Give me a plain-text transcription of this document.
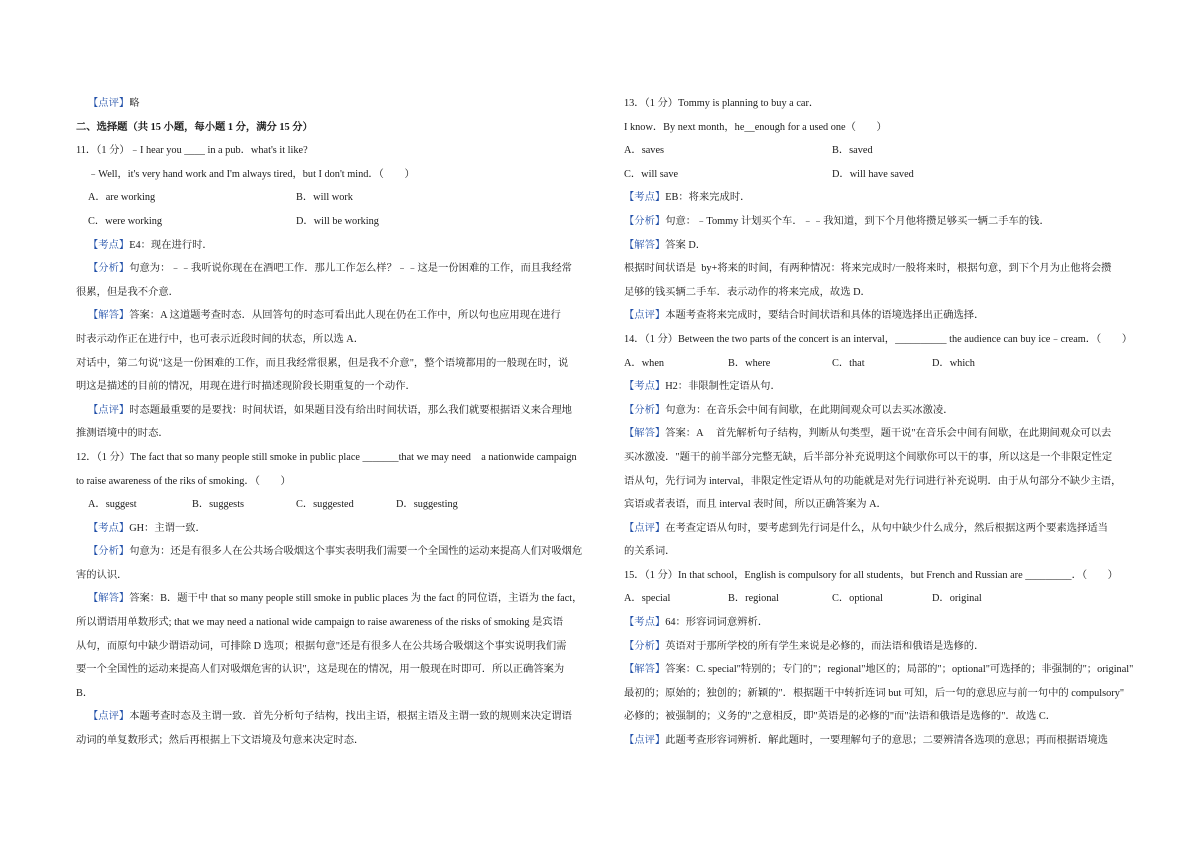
【点评】略
二、选择题（共 15 小题，每小题 1 分，满分 15 分）
11．（1 分）﹣I hear you ____ in a pub．what's it like?
﹣Well，it's very hand work and I'm always tired，but I don't mind．（　　）
A．are working	B．will work
C．were working	D．will be working
【考点】E4：现在进行时．
【分析】句意为：﹣﹣我听说你现在在酒吧工作．那儿工作怎么样？﹣﹣这是一份困难的工作，而且我经常
很累，但是我不介意．
【解答】答案：A 这道题考查时态．从回答句的时态可看出此人现在仍在工作中，所以句也应用现在进行
时表示动作正在进行中，也可表示近段时间的状态，所以选 A．
对话中，第二句说"这是一份困难的工作，而且我经常很累，但是我不介意"，整个语境都用的一般现在时，说
明这是描述的目前的情况，用现在进行时描述现阶段长期重复的一个动作．
【点评】时态题最重要的是要找：时间状语，如果题目没有给出时间状语，那么我们就要根据语义来合理地
推测语境中的时态．
12．（1 分）The fact that so many people still smoke in public place _______that we may need　a nationwide campaign
to raise awareness of the riks of smoking．（　　）
A．suggest	B．suggests	C．suggested	D．suggesting
【考点】GH：主谓一致．
【分析】句意为：还是有很多人在公共场合吸烟这个事实表明我们需要一个全国性的运动来提高人们对吸烟危
害的认识．
【解答】答案：B．题干中 that so many people still smoke in public places 为 the fact 的同位语，主语为 the fact，
所以谓语用单数形式; that we may need a national wide campaign to raise awareness of the risks of smoking 是宾语
从句，而原句中缺少谓语动词，可排除 D 选项；根据句意"还是有很多人在公共场合吸烟这个事实说明我们需
要一个全国性的运动来提高人们对吸烟危害的认识"，这是现在的情况，用一般现在时即可．所以正确答案为
B．
【点评】本题考查时态及主谓一致．首先分析句子结构，找出主语，根据主语及主谓一致的规则来决定谓语
动词的单复数形式；然后再根据上下文语境及句意来决定时态．
13．（1 分）Tommy is planning to buy a car．
I know．By next month，he__enough for a used one（　　）
A．saves	B．saved
C．will save	D．will have saved
【考点】EB：将来完成时．
【分析】句意：﹣Tommy 计划买个车．﹣﹣我知道，到下个月他将攒足够买一辆二手车的钱．
【解答】答案 D．
根据时间状语是  by+将来的时间，有两种情况：将来完成时/一般将来时，根据句意，到下个月为止他将会攒
足够的钱买辆二手车．表示动作的将来完成，故选 D．
【点评】本题考查将来完成时，要结合时间状语和具体的语境选择出正确选择．
14．（1 分）Between the two parts of the concert is an interval，__________ the audience can buy ice﹣cream．（　　）
A．when	B．where	C．that	D．which
【考点】H2：非限制性定语从句．
【分析】句意为：在音乐会中间有间歇，在此期间观众可以去买冰激凌．
【解答】答案：A　 首先解析句子结构，判断从句类型，题干说"在音乐会中间有间歇，在此期间观众可以去
买冰激凌．"题干的前半部分完整无缺，后半部分补充说明这个间歇你可以干的事，所以这是一个非限定性定
语从句，先行词为 interval，非限定性定语从句的功能就是对先行词进行补充说明．由于从句部分不缺少主语，
宾语或者表语，而且 interval 表时间，所以正确答案为 A．
【点评】在考查定语从句时，要考虑到先行词是什么，从句中缺少什么成分，然后根据这两个要素选择适当
的关系词．
15．（1 分）In that school，English is compulsory for all students，but French and Russian are _________．（　　）
A．special	B．regional	C．optional	D．original
【考点】64：形容词词意辨析．
【分析】英语对于那所学校的所有学生来说是必修的，而法语和俄语是选修的．
【解答】答案：C. special"特别的；专门的"；regional"地区的；局部的"；optional"可选择的；非强制的"；original"
最初的；原始的；独创的；新颖的"．根据题干中转折连词 but 可知，后一句的意思应与前一句中的 compulsory"
必修的；被强制的；义务的"之意相反，即"英语是的必修的"而"法语和俄语是选修的"．故选 C．
【点评】此题考查形容词辨析．解此题时，一要理解句子的意思；二要辨清各选项的意思；再而根据语境选
